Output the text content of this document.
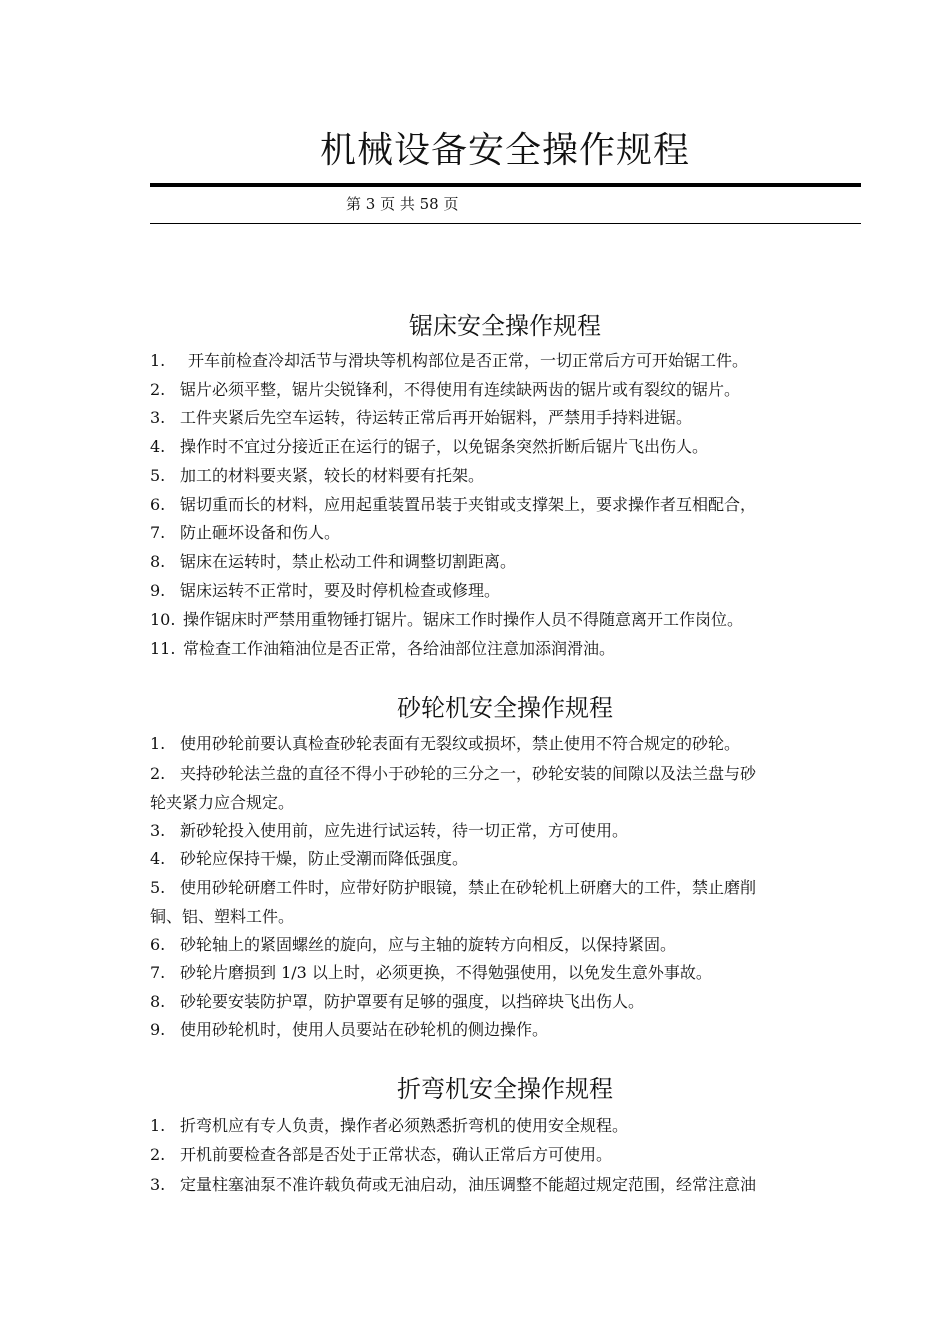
机械设备安全操作规程
第 3 页 共 58 页
锯床安全操作规程
1. 开车前检查冷却活节与滑块等机构部位是否正常，一切正常后方可开始锯工件。
2. 锯片必须平整，锯片尖锐锋利，不得使用有连续缺两齿的锯片或有裂纹的锯片。
3. 工件夹紧后先空车运转，待运转正常后再开始锯料，严禁用手持料进锯。
4. 操作时不宜过分接近正在运行的锯子，以免锯条突然折断后锯片飞出伤人。
5. 加工的材料要夹紧，较长的材料要有托架。
6. 锯切重而长的材料，应用起重装置吊装于夹钳或支撑架上，要求操作者互相配合，
7. 防止砸坏设备和伤人。
8. 锯床在运转时，禁止松动工件和调整切割距离。
9. 锯床运转不正常时，要及时停机检查或修理。
10. 操作锯床时严禁用重物锤打锯片。锯床工作时操作人员不得随意离开工作岗位。
11. 常检查工作油箱油位是否正常，各给油部位注意加添润滑油。
砂轮机安全操作规程
1. 使用砂轮前要认真检查砂轮表面有无裂纹或损坏，禁止使用不符合规定的砂轮。
2. 夹持砂轮法兰盘的直径不得小于砂轮的三分之一，砂轮安装的间隙以及法兰盘与砂
轮夹紧力应合规定。
3. 新砂轮投入使用前，应先进行试运转，待一切正常，方可使用。
4. 砂轮应保持干燥，防止受潮而降低强度。
5. 使用砂轮研磨工件时，应带好防护眼镜，禁止在砂轮机上研磨大的工件，禁止磨削
铜、铝、塑料工件。
6. 砂轮轴上的紧固螺丝的旋向，应与主轴的旋转方向相反，以保持紧固。
7. 砂轮片磨损到 1/3 以上时，必须更换，不得勉强使用，以免发生意外事故。
8. 砂轮要安装防护罩，防护罩要有足够的强度，以挡碎块飞出伤人。
9. 使用砂轮机时，使用人员要站在砂轮机的侧边操作。
折弯机安全操作规程
1. 折弯机应有专人负责，操作者必须熟悉折弯机的使用安全规程。
2. 开机前要检查各部是否处于正常状态，确认正常后方可使用。
3. 定量柱塞油泵不准许载负荷或无油启动，油压调整不能超过规定范围，经常注意油
